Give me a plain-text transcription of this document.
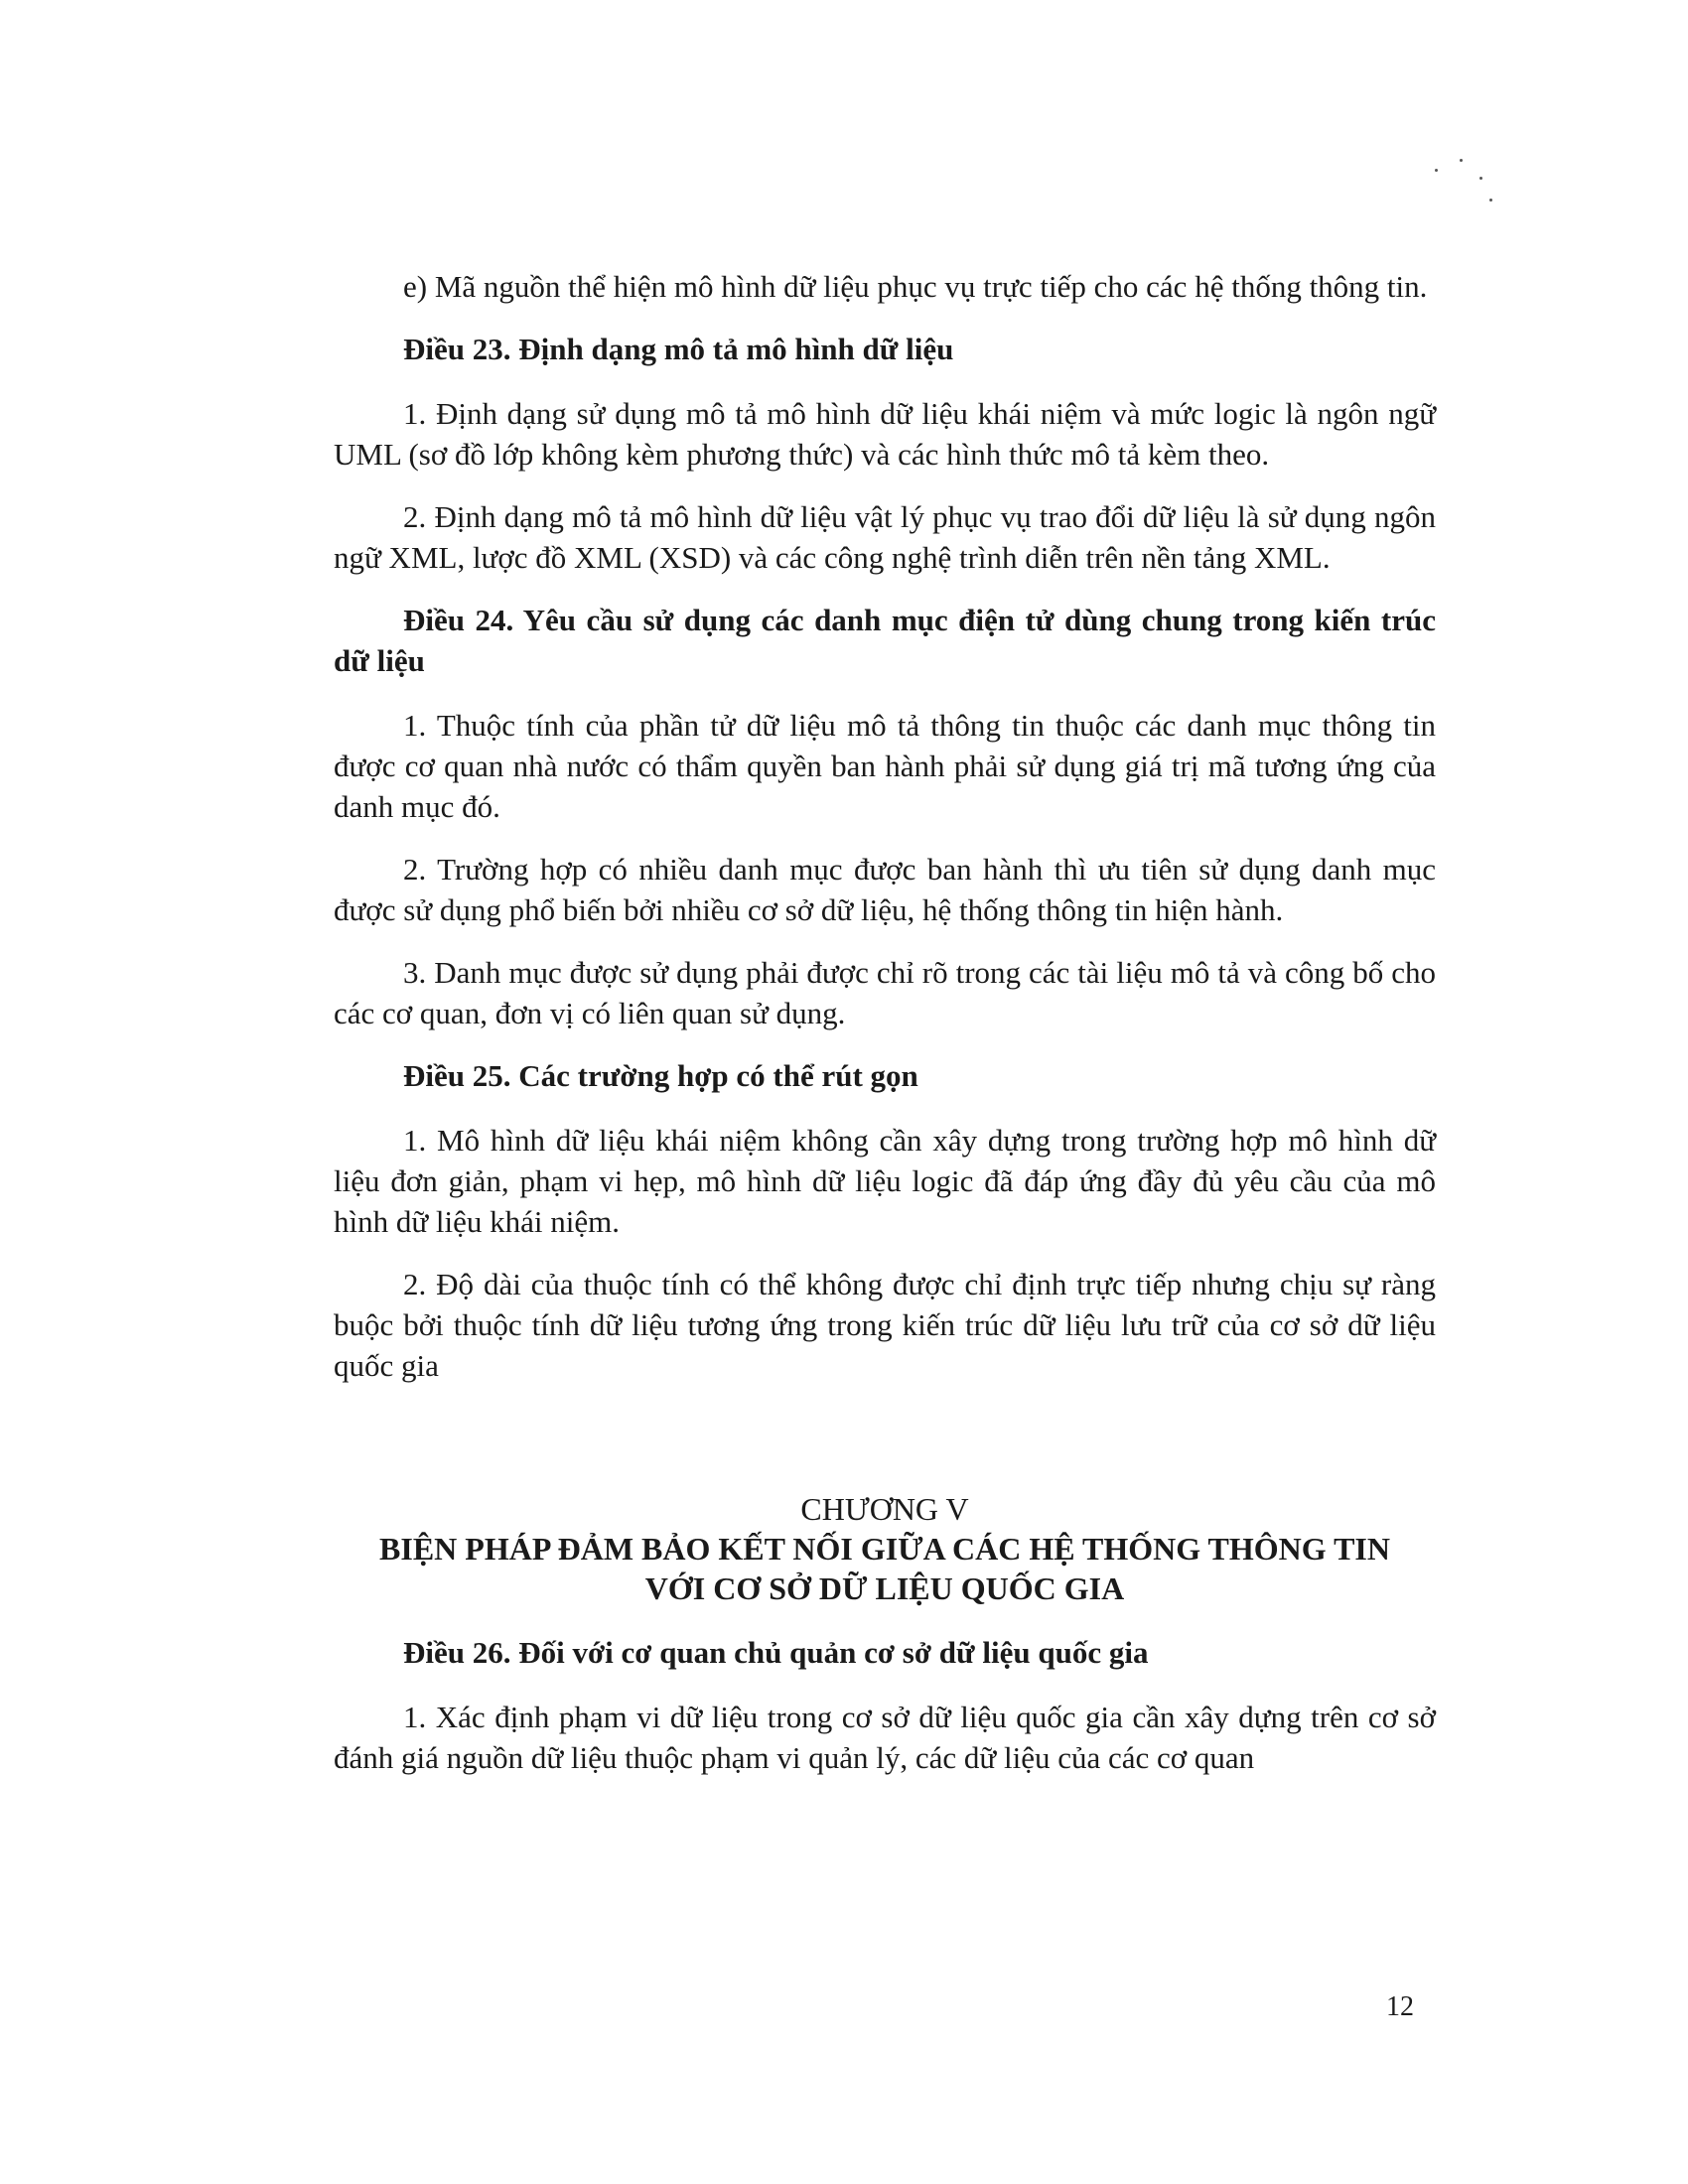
e) Mã nguồn thể hiện mô hình dữ liệu phục vụ trực tiếp cho các hệ thống thông tin.

Điều 23. Định dạng mô tả mô hình dữ liệu

1. Định dạng sử dụng mô tả mô hình dữ liệu khái niệm và mức logic là ngôn ngữ UML (sơ đồ lớp không kèm phương thức) và các hình thức mô tả kèm theo.

2. Định dạng mô tả mô hình dữ liệu vật lý phục vụ trao đổi dữ liệu là sử dụng ngôn ngữ XML, lược đồ XML (XSD) và các công nghệ trình diễn trên nền tảng XML.

Điều 24. Yêu cầu sử dụng các danh mục điện tử dùng chung trong kiến trúc dữ liệu

1. Thuộc tính của phần tử dữ liệu mô tả thông tin thuộc các danh mục thông tin được cơ quan nhà nước có thẩm quyền ban hành phải sử dụng giá trị mã tương ứng của danh mục đó.

2. Trường hợp có nhiều danh mục được ban hành thì ưu tiên sử dụng danh mục được sử dụng phổ biến bởi nhiều cơ sở dữ liệu, hệ thống thông tin hiện hành.

3. Danh mục được sử dụng phải được chỉ rõ trong các tài liệu mô tả và công bố cho các cơ quan, đơn vị có liên quan sử dụng.

Điều 25. Các trường hợp có thể rút gọn

1. Mô hình dữ liệu khái niệm không cần xây dựng trong trường hợp mô hình dữ liệu đơn giản, phạm vi hẹp, mô hình dữ liệu logic đã đáp ứng đầy đủ yêu cầu của mô hình dữ liệu khái niệm.

2. Độ dài của thuộc tính có thể không được chỉ định trực tiếp nhưng chịu sự ràng buộc bởi thuộc tính dữ liệu tương ứng trong kiến trúc dữ liệu lưu trữ của cơ sở dữ liệu quốc gia

CHƯƠNG V
BIỆN PHÁP ĐẢM BẢO KẾT NỐI GIỮA CÁC HỆ THỐNG THÔNG TIN
VỚI CƠ SỞ DỮ LIỆU QUỐC GIA
Điều 26. Đối với cơ quan chủ quản cơ sở dữ liệu quốc gia

1. Xác định phạm vi dữ liệu trong cơ sở dữ liệu quốc gia cần xây dựng trên cơ sở đánh giá nguồn dữ liệu thuộc phạm vi quản lý, các dữ liệu của các cơ quan

12
